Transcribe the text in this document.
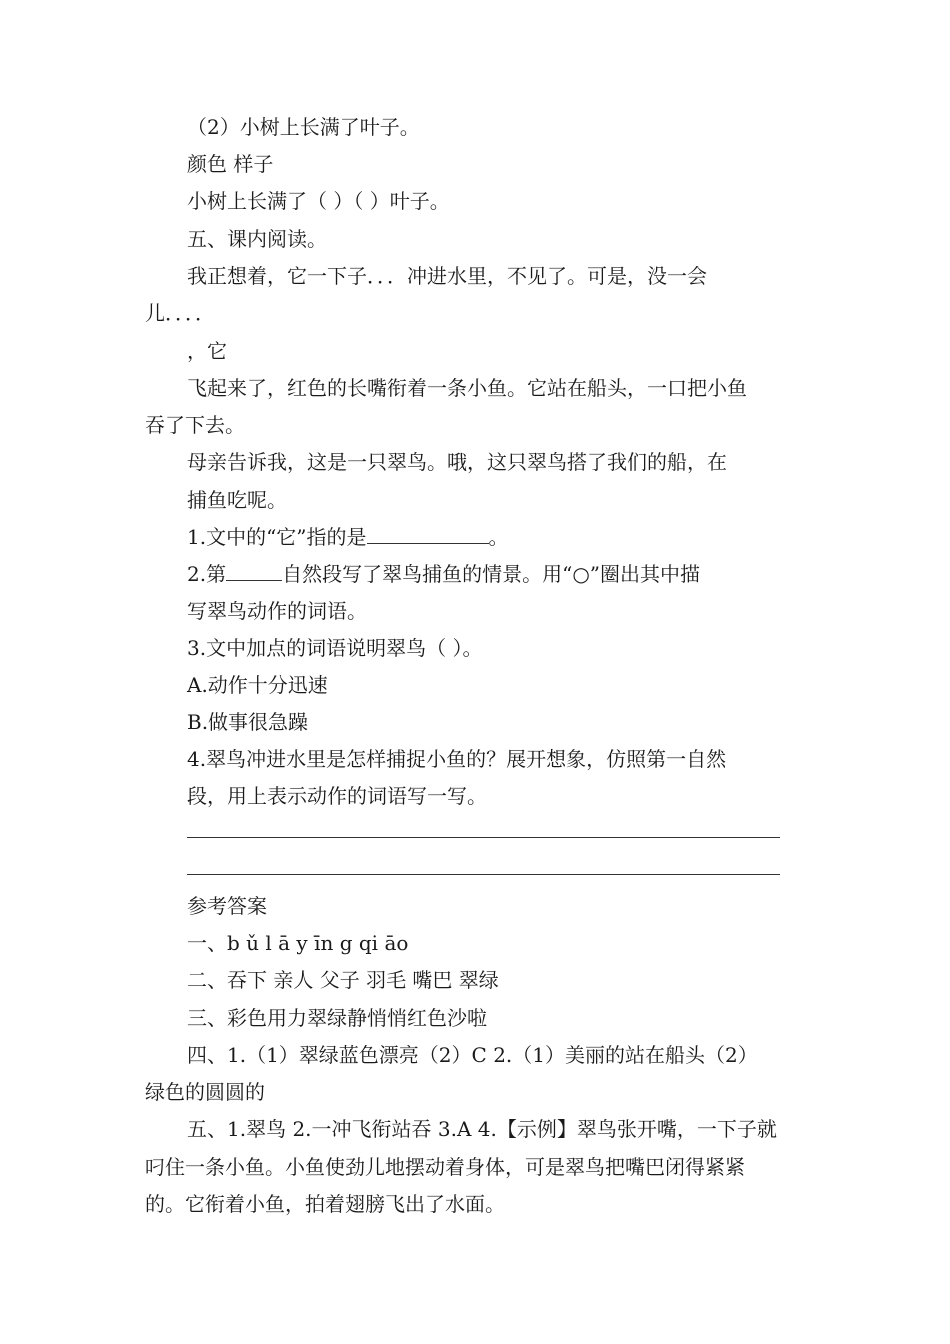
（2）小树上长满了叶子。
颜色 样子
小树上长满了（ ）（ ）叶子。
五、课内阅读。
我正想着，它一下子．．．冲进水里，不见了。可是，没一会
儿．．．．
，它
飞起来了，红色的长嘴衔着一条小鱼。它站在船头，一口把小鱼
吞了下去。
母亲告诉我，这是一只翠鸟。哦，这只翠鸟搭了我们的船，在
捕鱼吃呢。
1.文中的“它”指的是	。
2.第	自然段写了翠鸟捕鱼的情景。用“○”圈出其中描
写翠鸟动作的词语。
3.文中加点的词语说明翠鸟（ ）。
A.动作十分迅速
B.做事很急躁
4.翠鸟冲进水里是怎样捕捉小鱼的？展开想象，仿照第一自然
段，用上表示动作的词语写一写。
参考答案
一、b ǔ l ā y īn g qi āo
二、吞下 亲人 父子 羽毛 嘴巴 翠绿
三、彩色用力翠绿静悄悄红色沙啦
四、1.（1）翠绿蓝色漂亮（2）C 2.（1）美丽的站在船头（2）
绿色的圆圆的
五、1.翠鸟 2.一冲飞衔站吞 3.A 4.【示例】翠鸟张开嘴，一下子就
叼住一条小鱼。小鱼使劲儿地摆动着身体，可是翠鸟把嘴巴闭得紧紧
的。它衔着小鱼，拍着翅膀飞出了水面。
